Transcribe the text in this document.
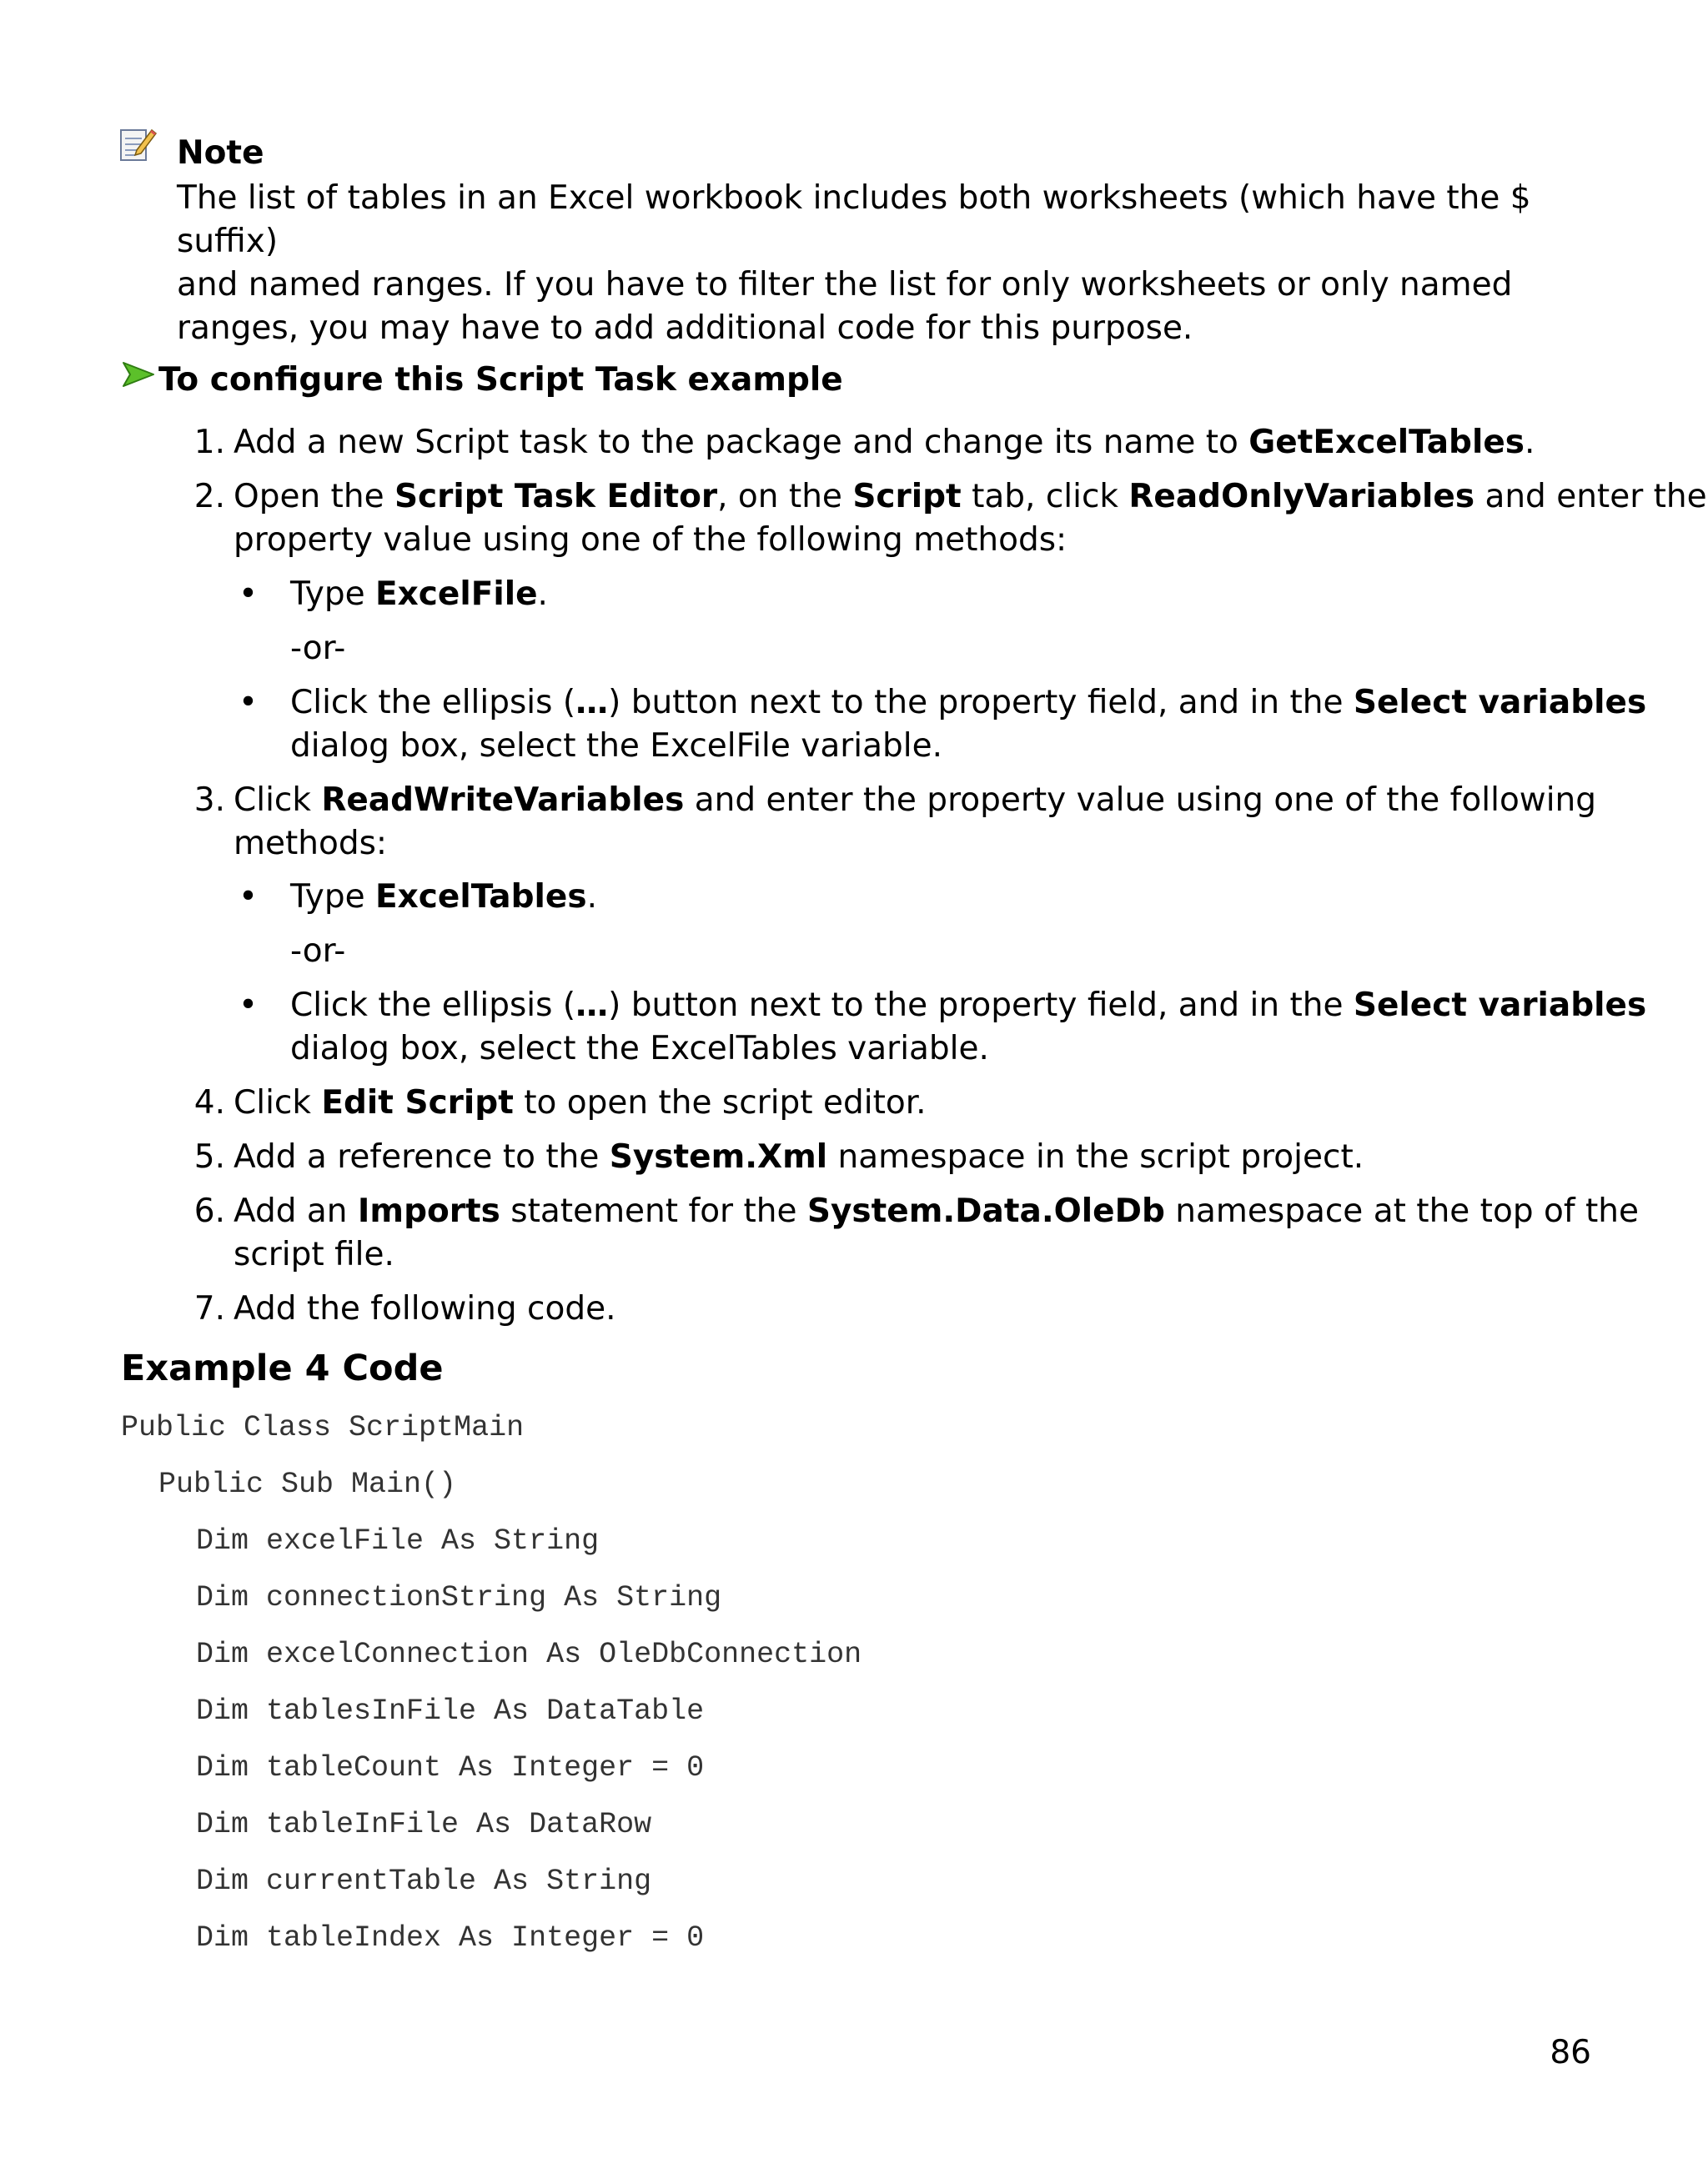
Note
The list of tables in an Excel workbook includes both worksheets (which have the $ suffix)
and named ranges. If you have to filter the list for only worksheets or only named
ranges, you may have to add additional code for this purpose.
To configure this Script Task example
1. Add a new Script task to the package and change its name to GetExcelTables.
2. Open the Script Task Editor, on the Script tab, click ReadOnlyVariables and enter the
property value using one of the following methods:
• Type ExcelFile.
-or-
• Click the ellipsis (…) button next to the property field, and in the Select variables
dialog box, select the ExcelFile variable.
3. Click ReadWriteVariables and enter the property value using one of the following
methods:
• Type ExcelTables.
-or-
• Click the ellipsis (…) button next to the property field, and in the Select variables
dialog box, select the ExcelTables variable.
4. Click Edit Script to open the script editor.
5. Add a reference to the System.Xml namespace in the script project.
6. Add an Imports statement for the System.Data.OleDb namespace at the top of the
script file.
7. Add the following code.
Example 4 Code
Public Class ScriptMain
Public Sub Main()
Dim excelFile As String
Dim connectionString As String
Dim excelConnection As OleDbConnection
Dim tablesInFile As DataTable
Dim tableCount As Integer = 0
Dim tableInFile As DataRow
Dim currentTable As String
Dim tableIndex As Integer = 0
86
